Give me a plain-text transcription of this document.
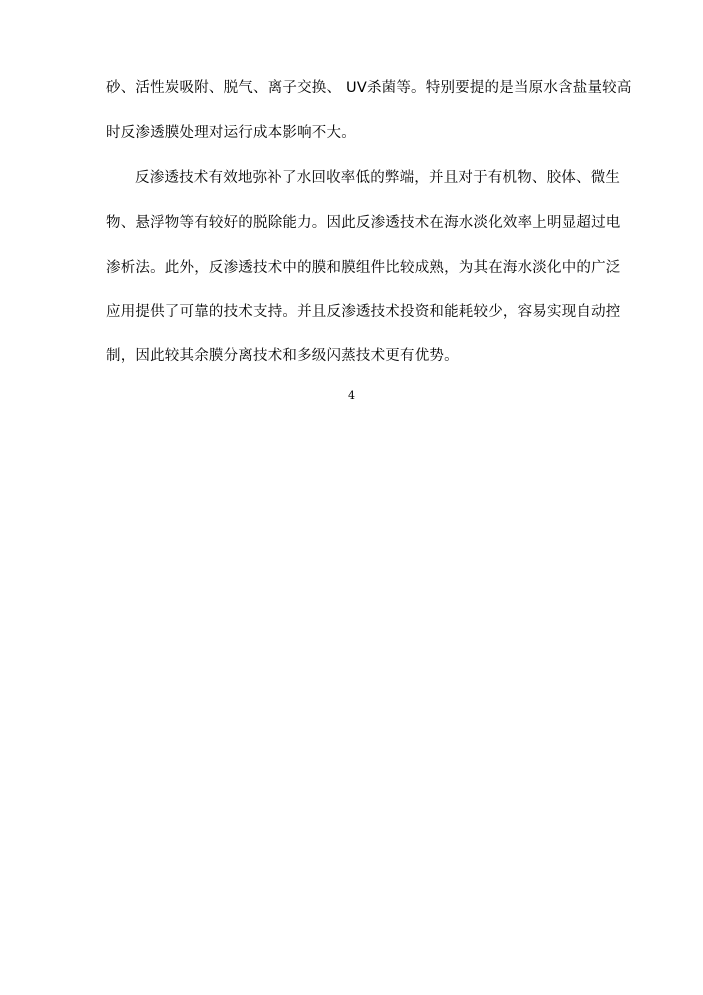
砂、活性炭吸附、脱气、离子交换、 UV杀菌等。特别要提的是当原水含盐量较高
时反渗透膜处理对运行成本影响不大。
反渗透技术有效地弥补了水回收率低的弊端，并且对于有机物、胶体、微生
物、悬浮物等有较好的脱除能力。因此反渗透技术在海水淡化效率上明显超过电
渗析法。此外，反渗透技术中的膜和膜组件比较成熟，为其在海水淡化中的广泛
应用提供了可靠的技术支持。并且反渗透技术投资和能耗较少，容易实现自动控
制，因此较其余膜分离技术和多级闪蒸技术更有优势。
4
